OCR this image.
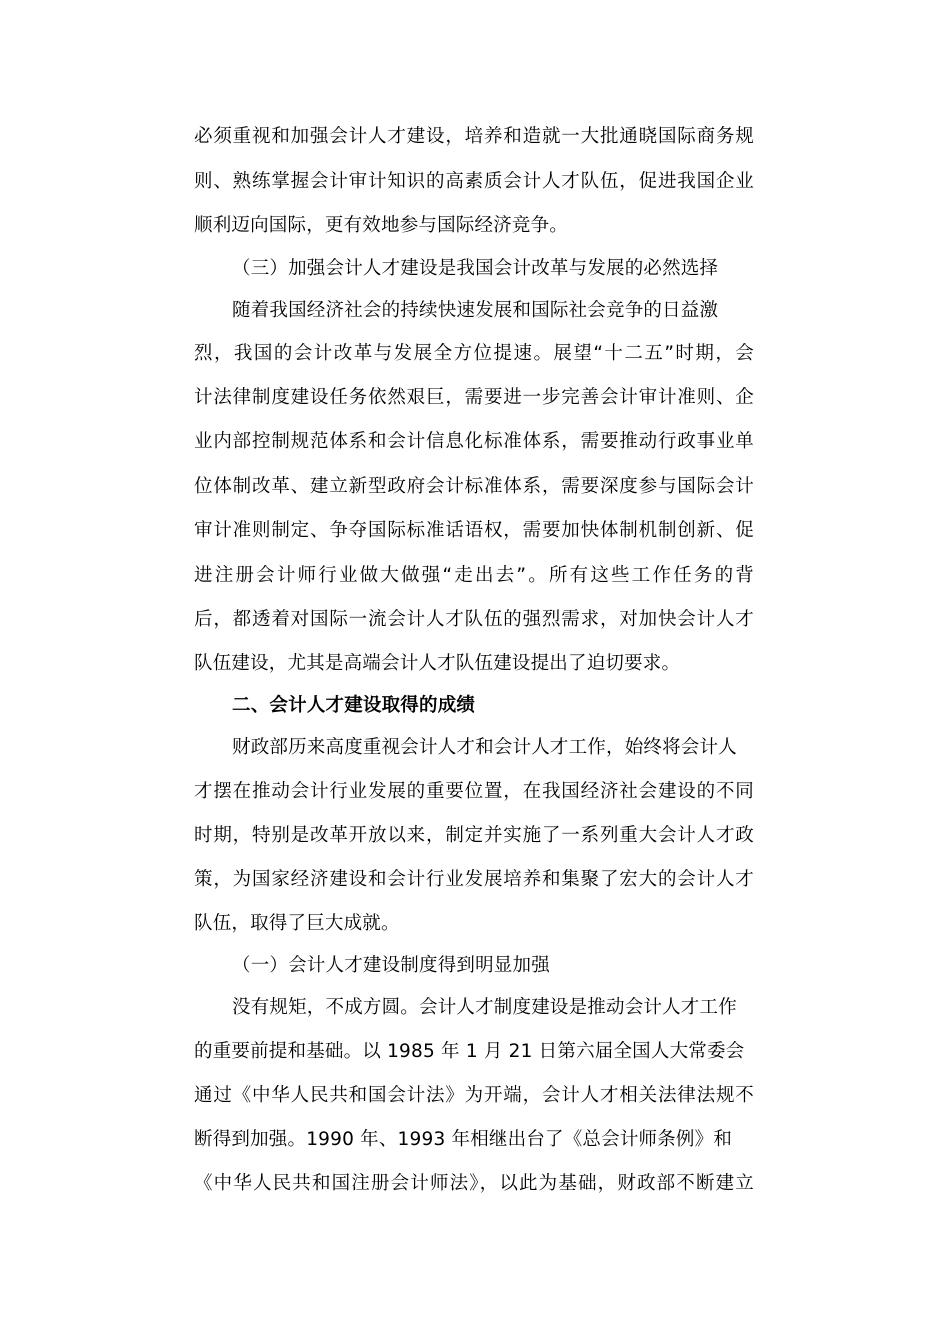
必须重视和加强会计人才建设，培养和造就一大批通晓国际商务规
则、熟练掌握会计审计知识的高素质会计人才队伍，促进我国企业
顺利迈向国际，更有效地参与国际经济竞争。
（三）加强会计人才建设是我国会计改革与发展的必然选择
随着我国经济社会的持续快速发展和国际社会竞争的日益激
烈，我国的会计改革与发展全方位提速。展望“十二五”时期，会
计法律制度建设任务依然艰巨，需要进一步完善会计审计准则、企
业内部控制规范体系和会计信息化标准体系，需要推动行政事业单
位体制改革、建立新型政府会计标准体系，需要深度参与国际会计
审计准则制定、争夺国际标准话语权，需要加快体制机制创新、促
进注册会计师行业做大做强“走出去”。所有这些工作任务的背
后，都透着对国际一流会计人才队伍的强烈需求，对加快会计人才
队伍建设，尤其是高端会计人才队伍建设提出了迫切要求。
二、会计人才建设取得的成绩
财政部历来高度重视会计人才和会计人才工作，始终将会计人
才摆在推动会计行业发展的重要位置，在我国经济社会建设的不同
时期，特别是改革开放以来，制定并实施了一系列重大会计人才政
策，为国家经济建设和会计行业发展培养和集聚了宏大的会计人才
队伍，取得了巨大成就。
（一）会计人才建设制度得到明显加强
没有规矩，不成方圆。会计人才制度建设是推动会计人才工作
的重要前提和基础。以 1985 年 1 月 21 日第六届全国人大常委会
通过《中华人民共和国会计法》为开端，会计人才相关法律法规不
断得到加强。1990 年、1993 年相继出台了《总会计师条例》和
《中华人民共和国注册会计师法》，以此为基础，财政部不断建立
